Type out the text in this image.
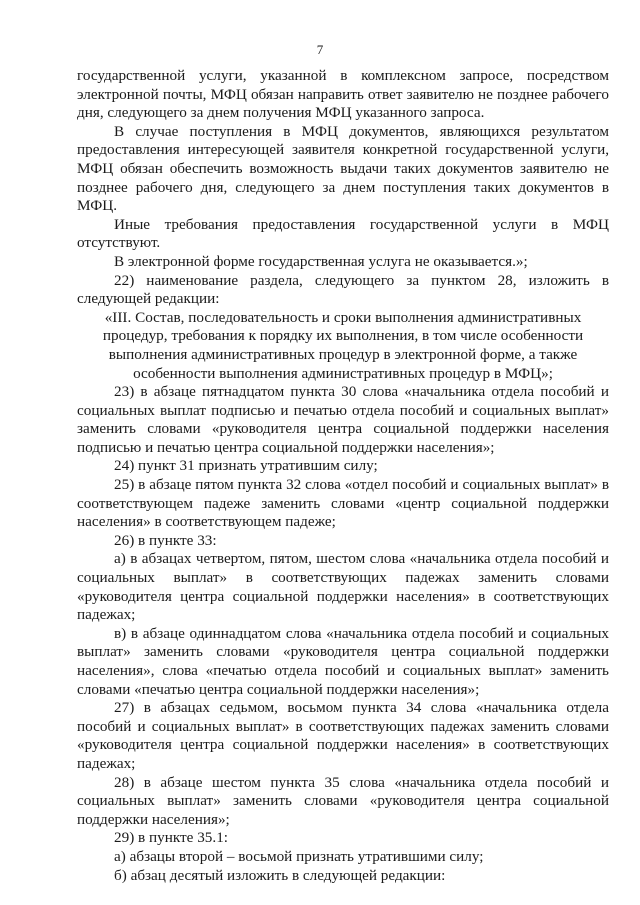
7

государственной услуги, указанной в комплексном запросе, посредством электронной почты, МФЦ обязан направить ответ заявителю не позднее рабочего дня, следующего за днем получения МФЦ указанного запроса.

В случае поступления в МФЦ документов, являющихся результатом предоставления интересующей заявителя конкретной государственной услуги, МФЦ обязан обеспечить возможность выдачи таких документов заявителю не позднее рабочего дня, следующего за днем поступления таких документов в МФЦ.

Иные требования предоставления государственной услуги в МФЦ отсутствуют.

В электронной форме государственная услуга не оказывается.»;

22) наименование раздела, следующего за пунктом 28, изложить в следующей редакции:

«III. Состав, последовательность и сроки выполнения административных процедур, требования к порядку их выполнения, в том числе особенности выполнения административных процедур в электронной форме, а также особенности выполнения административных процедур в МФЦ»;

23) в абзаце пятнадцатом пункта 30 слова «начальника отдела пособий и социальных выплат подписью и печатью отдела пособий и социальных выплат» заменить словами «руководителя центра социальной поддержки населения подписью и печатью центра социальной поддержки населения»;

24) пункт 31 признать утратившим силу;

25) в абзаце пятом пункта 32 слова «отдел пособий и социальных выплат» в соответствующем падеже заменить словами «центр социальной поддержки населения» в соответствующем падеже;

26) в пункте 33:

а) в абзацах четвертом, пятом, шестом слова «начальника отдела пособий и социальных выплат» в соответствующих падежах заменить словами «руководителя центра социальной поддержки населения» в соответствующих падежах;

в) в абзаце одиннадцатом слова «начальника отдела пособий и социальных выплат» заменить словами «руководителя центра социальной поддержки населения», слова «печатью отдела пособий и социальных выплат» заменить словами «печатью центра социальной поддержки населения»;

27) в абзацах седьмом, восьмом пункта 34 слова «начальника отдела пособий и социальных выплат» в соответствующих падежах заменить словами «руководителя центра социальной поддержки населения» в соответствующих падежах;

28) в абзаце шестом пункта 35 слова «начальника отдела пособий и социальных выплат» заменить словами «руководителя центра социальной поддержки населения»;

29) в пункте 35.1:

а) абзацы второй – восьмой признать утратившими силу;

б) абзац десятый изложить в следующей редакции:
